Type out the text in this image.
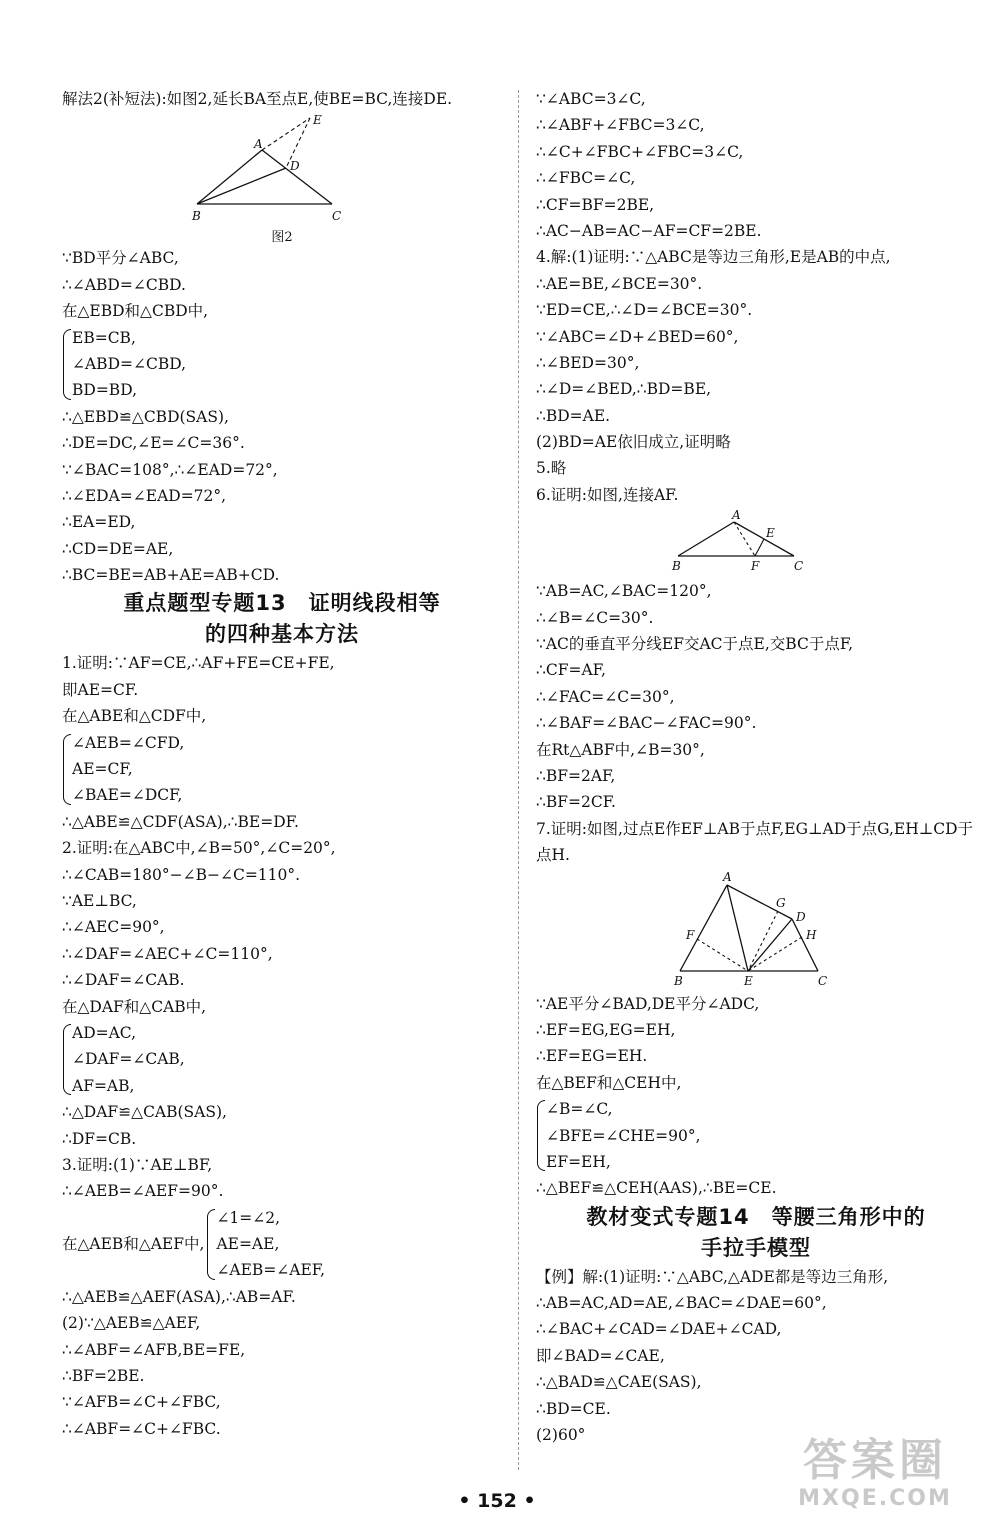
解法2(补短法):如图2,延长BA至点E,使BE=BC,连接DE.
B	C
A
D
E
图2
∵BD平分∠ABC,
∴∠ABD=∠CBD.
在△EBD和△CBD中,
EB=CB,
∠ABD=∠CBD,
BD=BD,
∴△EBD≌△CBD(SAS),
∴DE=DC,∠E=∠C=36°.
∵∠BAC=108°,∴∠EAD=72°,
∴∠EDA=∠EAD=72°,
∴EA=ED,
∴CD=DE=AE,
∴BC=BE=AB+AE=AB+CD.
重点题型专题13　证明线段相等
的四种基本方法
1.证明:∵AF=CE,∴AF+FE=CE+FE,
即AE=CF.
在△ABE和△CDF中,
∠AEB=∠CFD,
AE=CF,
∠BAE=∠DCF,
∴△ABE≌△CDF(ASA),∴BE=DF.
2.证明:在△ABC中,∠B=50°,∠C=20°,
∴∠CAB=180°−∠B−∠C=110°.
∵AE⊥BC,
∴∠AEC=90°,
∴∠DAF=∠AEC+∠C=110°,
∴∠DAF=∠CAB.
在△DAF和△CAB中,
AD=AC,
∠DAF=∠CAB,
AF=AB,
∴△DAF≌△CAB(SAS),
∴DF=CB.
3.证明:(1)∵AE⊥BF,
∴∠AEB=∠AEF=90°.
在△AEB和△AEF中,
∠1=∠2,
AE=AE,
∠AEB=∠AEF,
∴△AEB≌△AEF(ASA),∴AB=AF.
(2)∵△AEB≌△AEF,
∴∠ABF=∠AFB,BE=FE,
∴BF=2BE.
∵∠AFB=∠C+∠FBC,
∴∠ABF=∠C+∠FBC.
∵∠ABC=3∠C,
∴∠ABF+∠FBC=3∠C,
∴∠C+∠FBC+∠FBC=3∠C,
∴∠FBC=∠C,
∴CF=BF=2BE,
∴AC−AB=AC−AF=CF=2BE.
4.解:(1)证明:∵△ABC是等边三角形,E是AB的中点,
∴AE=BE,∠BCE=30°.
∵ED=CE,∴∠D=∠BCE=30°.
∵∠ABC=∠D+∠BED=60°,
∴∠BED=30°,
∴∠D=∠BED,∴BD=BE,
∴BD=AE.
(2)BD=AE依旧成立,证明略
5.略
6.证明:如图,连接AF.
B	C
A
E
F
∵AB=AC,∠BAC=120°,
∴∠B=∠C=30°.
∵AC的垂直平分线EF交AC于点E,交BC于点F,
∴CF=AF,
∴∠FAC=∠C=30°,
∴∠BAF=∠BAC−∠FAC=90°.
在Rt△ABF中,∠B=30°,
∴BF=2AF,
∴BF=2CF.
7.证明:如图,过点E作EF⊥AB于点F,EG⊥AD于点G,EH⊥CD于点H.
A
B	C
D
E
F
G
H
∵AE平分∠BAD,DE平分∠ADC,
∴EF=EG,EG=EH,
∴EF=EG=EH.
在△BEF和△CEH中,
∠B=∠C,
∠BFE=∠CHE=90°,
EF=EH,
∴△BEF≌△CEH(AAS),∴BE=CE.
教材变式专题14　等腰三角形中的
手拉手模型
【例】解:(1)证明:∵△ABC,△ADE都是等边三角形,
∴AB=AC,AD=AE,∠BAC=∠DAE=60°,
∴∠BAC+∠CAD=∠DAE+∠CAD,
即∠BAD=∠CAE,
∴△BAD≌△CAE(SAS),
∴BD=CE.
(2)60°
• 152 •
答案圈
MXQE.COM
